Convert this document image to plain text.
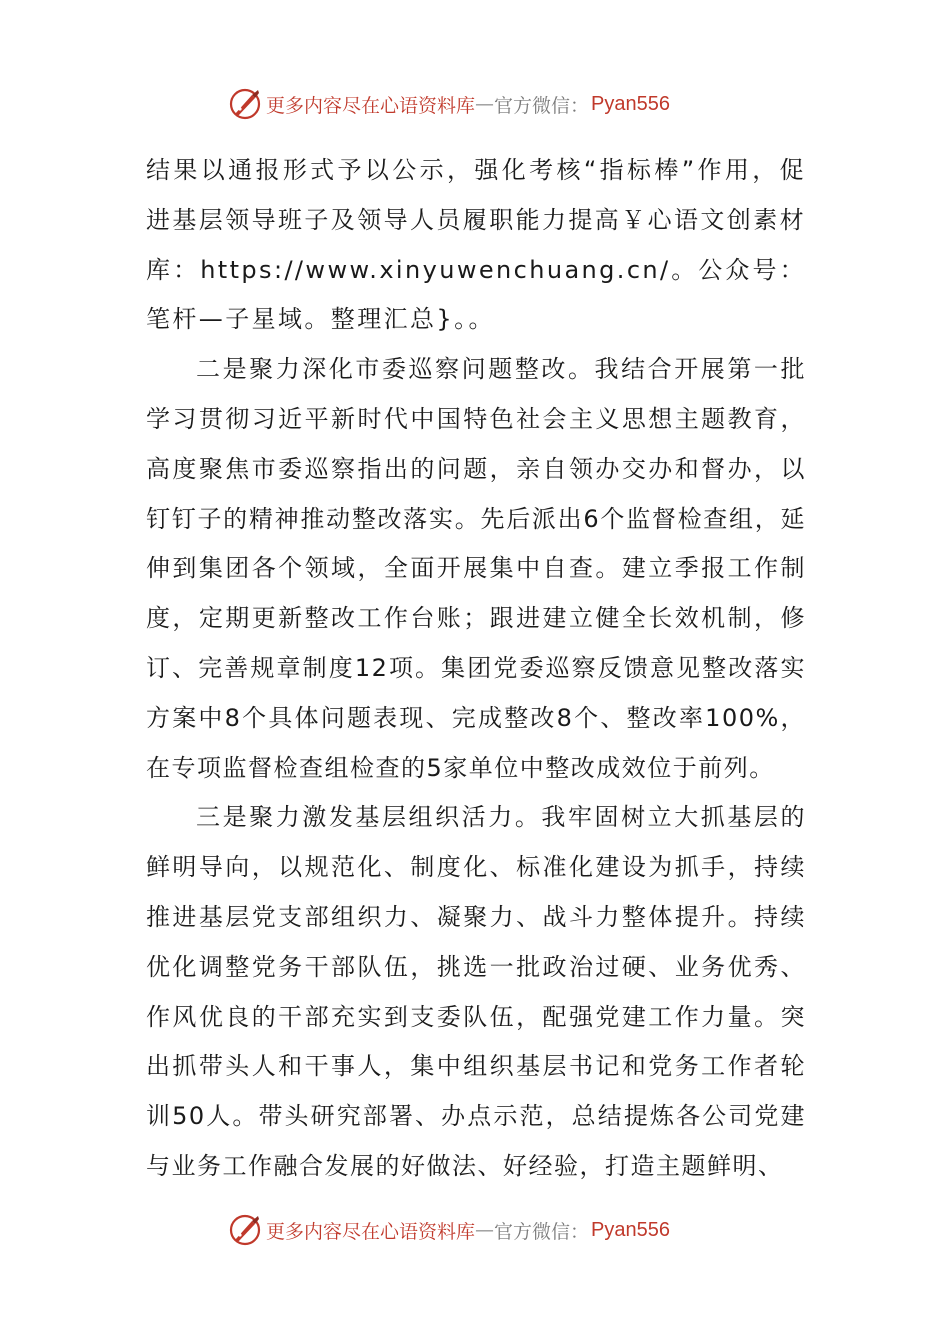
更多内容尽在心语资料库 — 官方微信： Pyan556

结果以通报形式予以公示，强化考核“指标棒”作用，促进基层领导班子及领导人员履职能力提高￥心语文创素材库：https://www.xinyuwenchuang.cn/。公众号：笔杆—子星域。整理汇总}。。

二是聚力深化市委巡察问题整改。我结合开展第一批学习贯彻习近平新时代中国特色社会主义思想主题教育，高度聚焦市委巡察指出的问题，亲自领办交办和督办，以钉钉子的精神推动整改落实。先后派出6个监督检查组，延伸到集团各个领域，全面开展集中自查。建立季报工作制度，定期更新整改工作台账；跟进建立健全长效机制，修订、完善规章制度12项。集团党委巡察反馈意见整改落实方案中8个具体问题表现、完成整改8个、整改率100%，在专项监督检查组检查的5家单位中整改成效位于前列。

三是聚力激发基层组织活力。我牢固树立大抓基层的鲜明导向，以规范化、制度化、标准化建设为抓手，持续推进基层党支部组织力、凝聚力、战斗力整体提升。持续优化调整党务干部队伍，挑选一批政治过硬、业务优秀、作风优良的干部充实到支委队伍，配强党建工作力量。突出抓带头人和干事人，集中组织基层书记和党务工作者轮训50人。带头研究部署、办点示范，总结提炼各公司党建与业务工作融合发展的好做法、好经验，打造主题鲜明、

更多内容尽在心语资料库 — 官方微信： Pyan556
